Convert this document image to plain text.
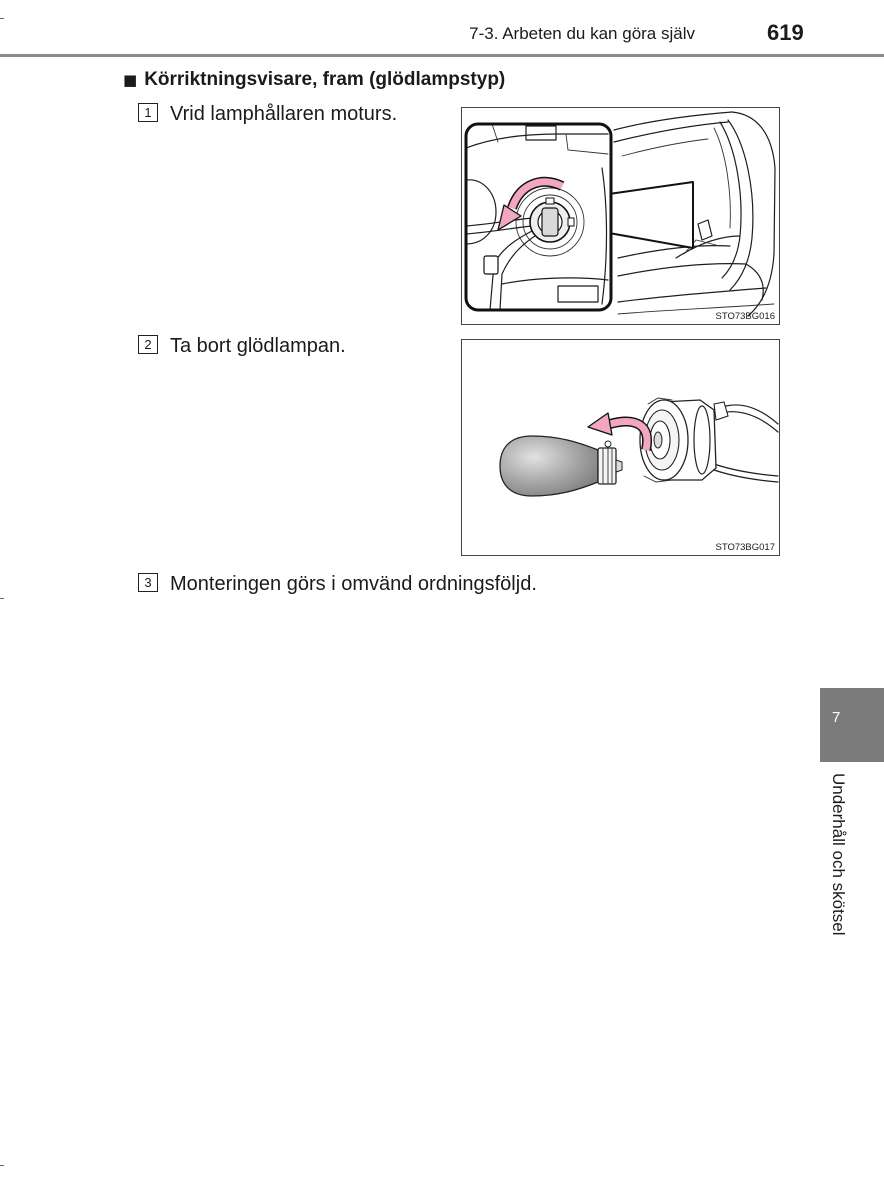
7-3. Arbeten du kan göra själv	619
■ Körriktningsvisare, fram (glödlampstyp)
1 Vrid lamphållaren moturs.
STO73BG016
2 Ta bort glödlampan.
STO73BG017
3 Monteringen görs i omvänd ordningsföljd.
7
Underhåll och skötsel
